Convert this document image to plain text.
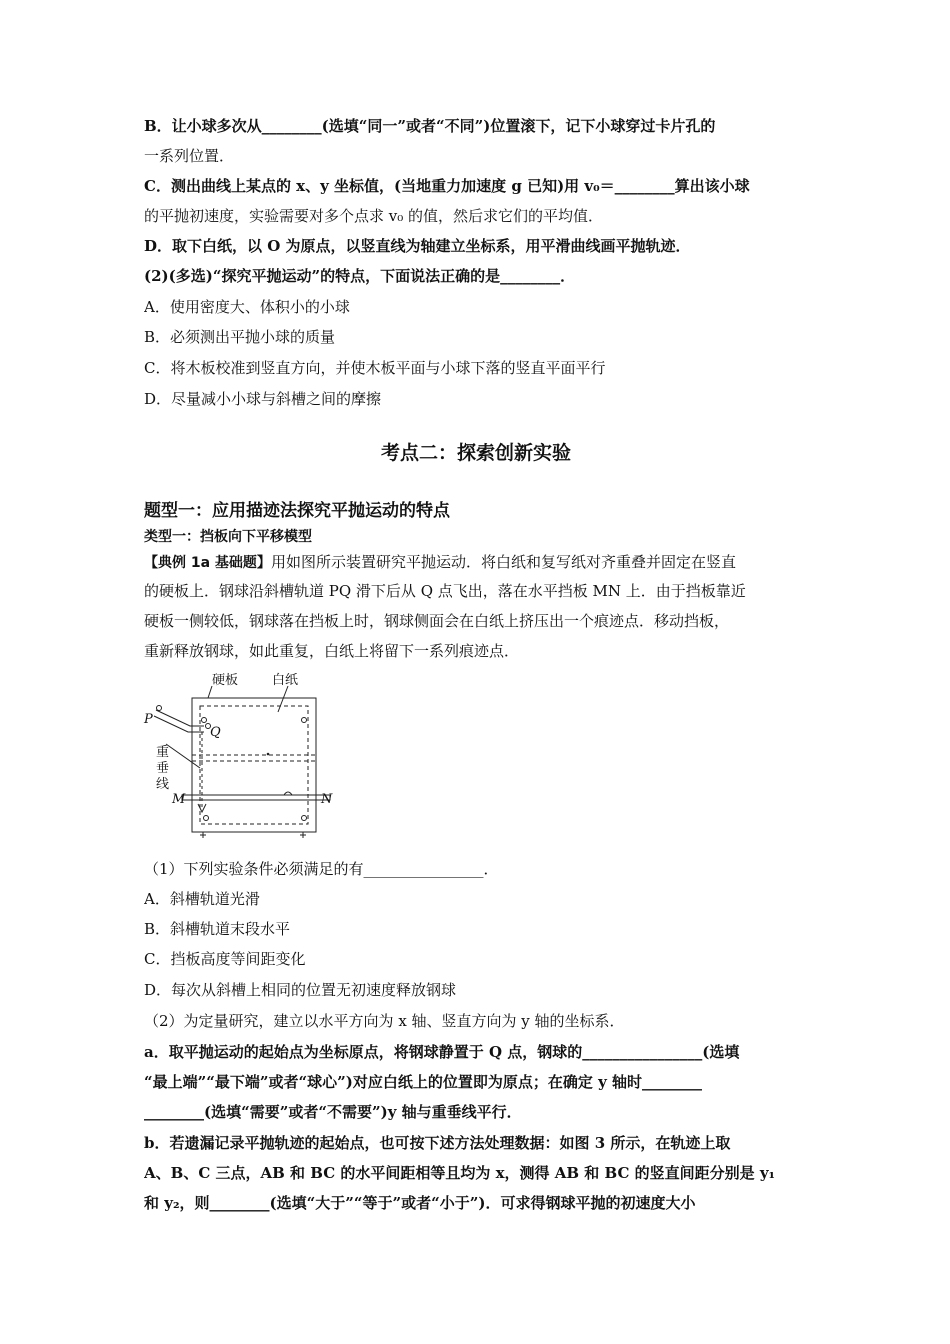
B．让小球多次从________(选填“同一”或者“不同”)位置滚下，记下小球穿过卡片孔的
一系列位置．
C．测出曲线上某点的 x、y 坐标值，(当地重力加速度 g 已知)用 v₀＝________算出该小球
的平抛初速度，实验需要对多个点求 v₀ 的值，然后求它们的平均值．
D．取下白纸，以 O 为原点，以竖直线为轴建立坐标系，用平滑曲线画平抛轨迹．
(2)(多选)“探究平抛运动”的特点，下面说法正确的是________．
A．使用密度大、体积小的小球
B．必须测出平抛小球的质量
C．将木板校准到竖直方向，并使木板平面与小球下落的竖直平面平行
D．尽量减小小球与斜槽之间的摩擦
考点二：探索创新实验
题型一：应用描迹法探究平抛运动的特点
类型一：挡板向下平移模型
【典例 1a 基础题】用如图所示装置研究平抛运动．将白纸和复写纸对齐重叠并固定在竖直
的硬板上．钢球沿斜槽轨道 PQ 滑下后从 Q 点飞出，落在水平挡板 MN 上．由于挡板靠近
硬板一侧较低，钢球落在挡板上时，钢球侧面会在白纸上挤压出一个痕迹点．移动挡板，
重新释放钢球，如此重复，白纸上将留下一系列痕迹点．
硬板	白纸
P
Q
重
垂
线
M	N
（1）下列实验条件必须满足的有________________．
A．斜槽轨道光滑
B．斜槽轨道末段水平
C．挡板高度等间距变化
D．每次从斜槽上相同的位置无初速度释放钢球
（2）为定量研究，建立以水平方向为 x 轴、竖直方向为 y 轴的坐标系．
a．取平抛运动的起始点为坐标原点，将钢球静置于 Q 点，钢球的________________(选填
“最上端”“最下端”或者“球心”)对应白纸上的位置即为原点；在确定 y 轴时________
________(选填“需要”或者“不需要”)y 轴与重垂线平行．
b．若遗漏记录平抛轨迹的起始点，也可按下述方法处理数据：如图 3 所示，在轨迹上取
A、B、C 三点，AB 和 BC 的水平间距相等且均为 x，测得 AB 和 BC 的竖直间距分别是 y₁
和 y₂，则________(选填“大于”“等于”或者“小于”)．可求得钢球平抛的初速度大小
